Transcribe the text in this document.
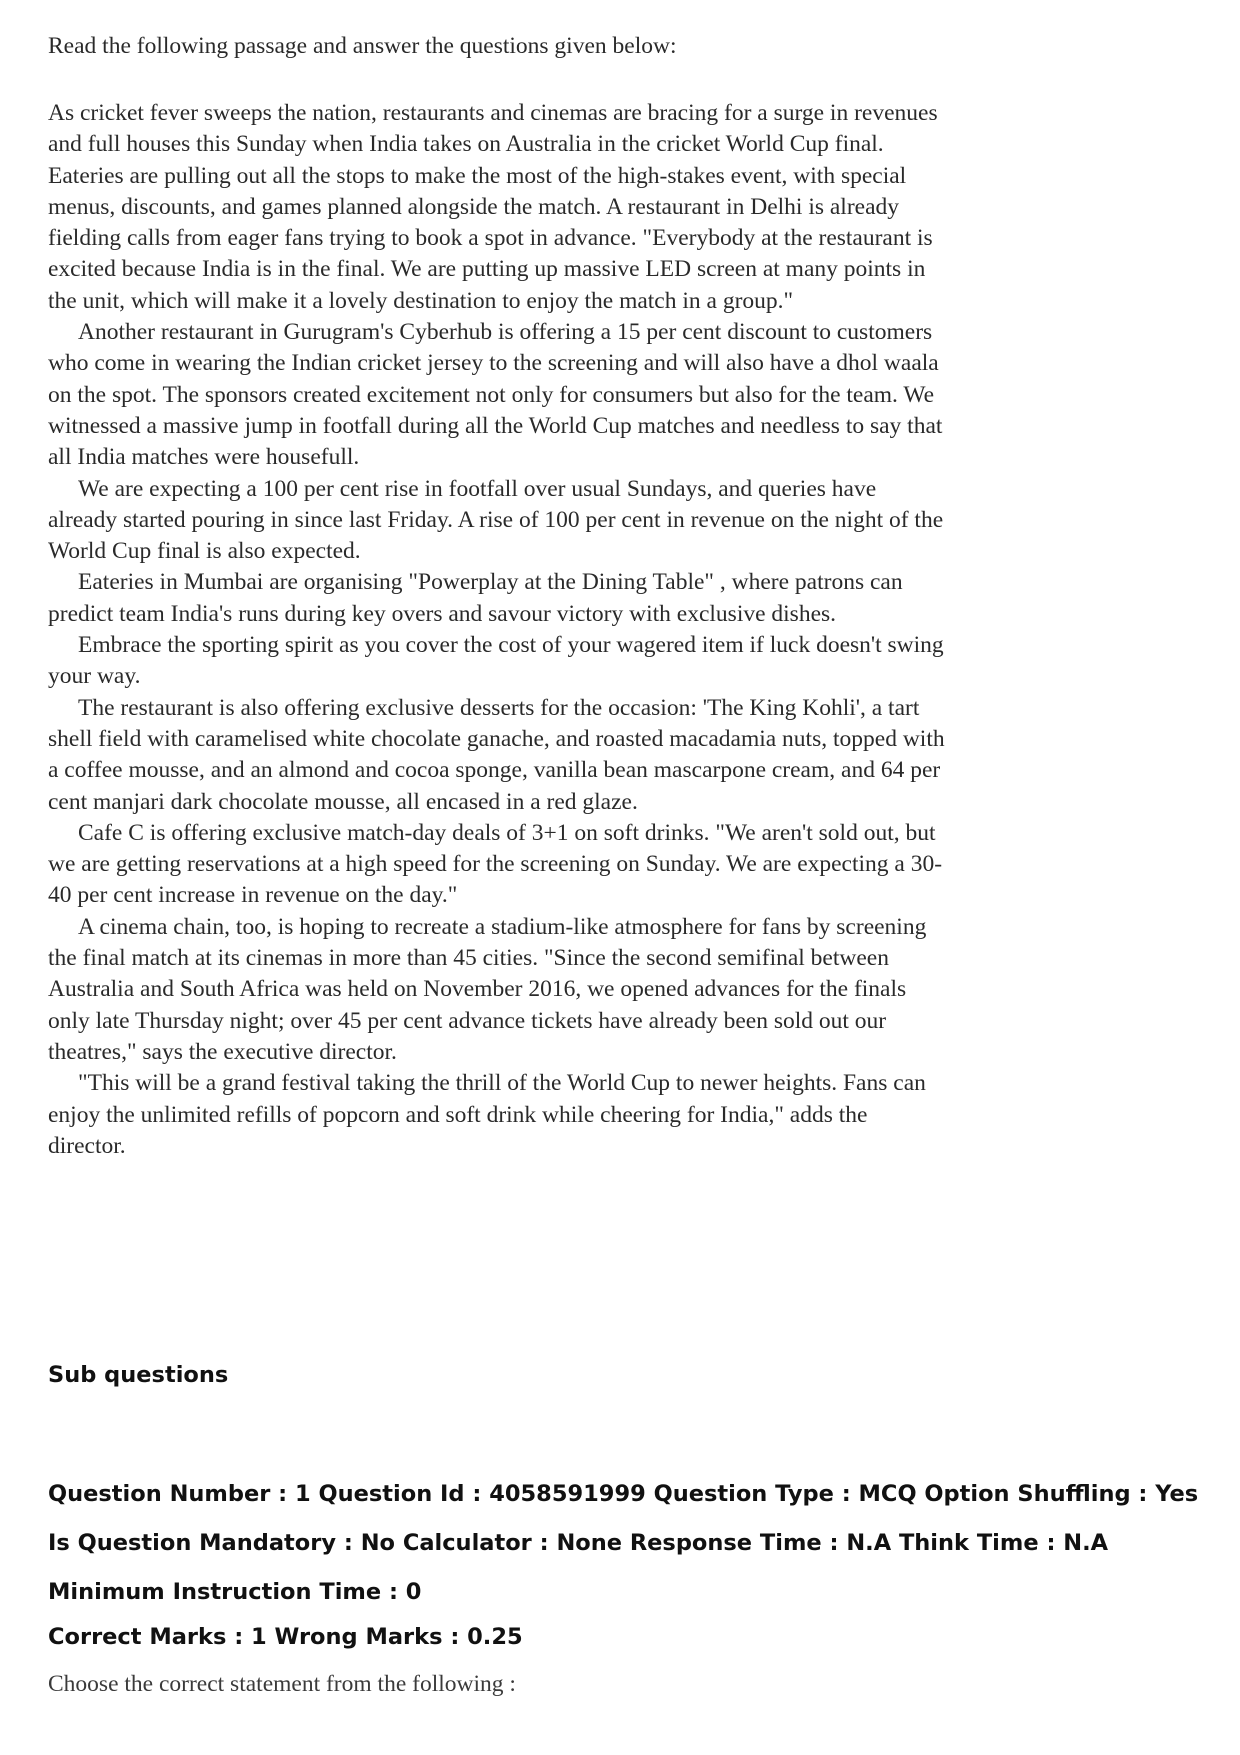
Read the following passage and answer the questions given below:

As cricket fever sweeps the nation, restaurants and cinemas are bracing for a surge in revenues and full houses this Sunday when India takes on Australia in the cricket World Cup final. Eateries are pulling out all the stops to make the most of the high-stakes event, with special menus, discounts, and games planned alongside the match. A restaurant in Delhi is already fielding calls from eager fans trying to book a spot in advance. "Everybody at the restaurant is excited because India is in the final. We are putting up massive LED screen at many points in the unit, which will make it a lovely destination to enjoy the match in a group."

Another restaurant in Gurugram's Cyberhub is offering a 15 per cent discount to customers who come in wearing the Indian cricket jersey to the screening and will also have a dhol waala on the spot. The sponsors created excitement not only for consumers but also for the team. We witnessed a massive jump in footfall during all the World Cup matches and needless to say that all India matches were housefull.

We are expecting a 100 per cent rise in footfall over usual Sundays, and queries have already started pouring in since last Friday. A rise of 100 per cent in revenue on the night of the World Cup final is also expected.

Eateries in Mumbai are organising "Powerplay at the Dining Table" , where patrons can predict team India's runs during key overs and savour victory with exclusive dishes.

Embrace the sporting spirit as you cover the cost of your wagered item if luck doesn't swing your way.

The restaurant is also offering exclusive desserts for the occasion: 'The King Kohli', a tart shell field with caramelised white chocolate ganache, and roasted macadamia nuts, topped with a coffee mousse, and an almond and cocoa sponge, vanilla bean mascarpone cream, and 64 per cent manjari dark chocolate mousse, all encased in a red glaze.

Cafe C is offering exclusive match-day deals of 3+1 on soft drinks. "We aren't sold out, but we are getting reservations at a high speed for the screening on Sunday. We are expecting a 30-40 per cent increase in revenue on the day."

A cinema chain, too, is hoping to recreate a stadium-like atmosphere for fans by screening the final match at its cinemas in more than 45 cities. "Since the second semifinal between Australia and South Africa was held on November 2016, we opened advances for the finals only late Thursday night; over 45 per cent advance tickets have already been sold out our theatres," says the executive director.

"This will be a grand festival taking the thrill of the World Cup to newer heights. Fans can enjoy the unlimited refills of popcorn and soft drink while cheering for India," adds the director.

Sub questions
Question Number : 1 Question Id : 4058591999 Question Type : MCQ Option Shuffling : Yes Is Question Mandatory : No Calculator : None Response Time : N.A Think Time : N.A Minimum Instruction Time : 0
Correct Marks : 1 Wrong Marks : 0.25
Choose the correct statement from the following :
